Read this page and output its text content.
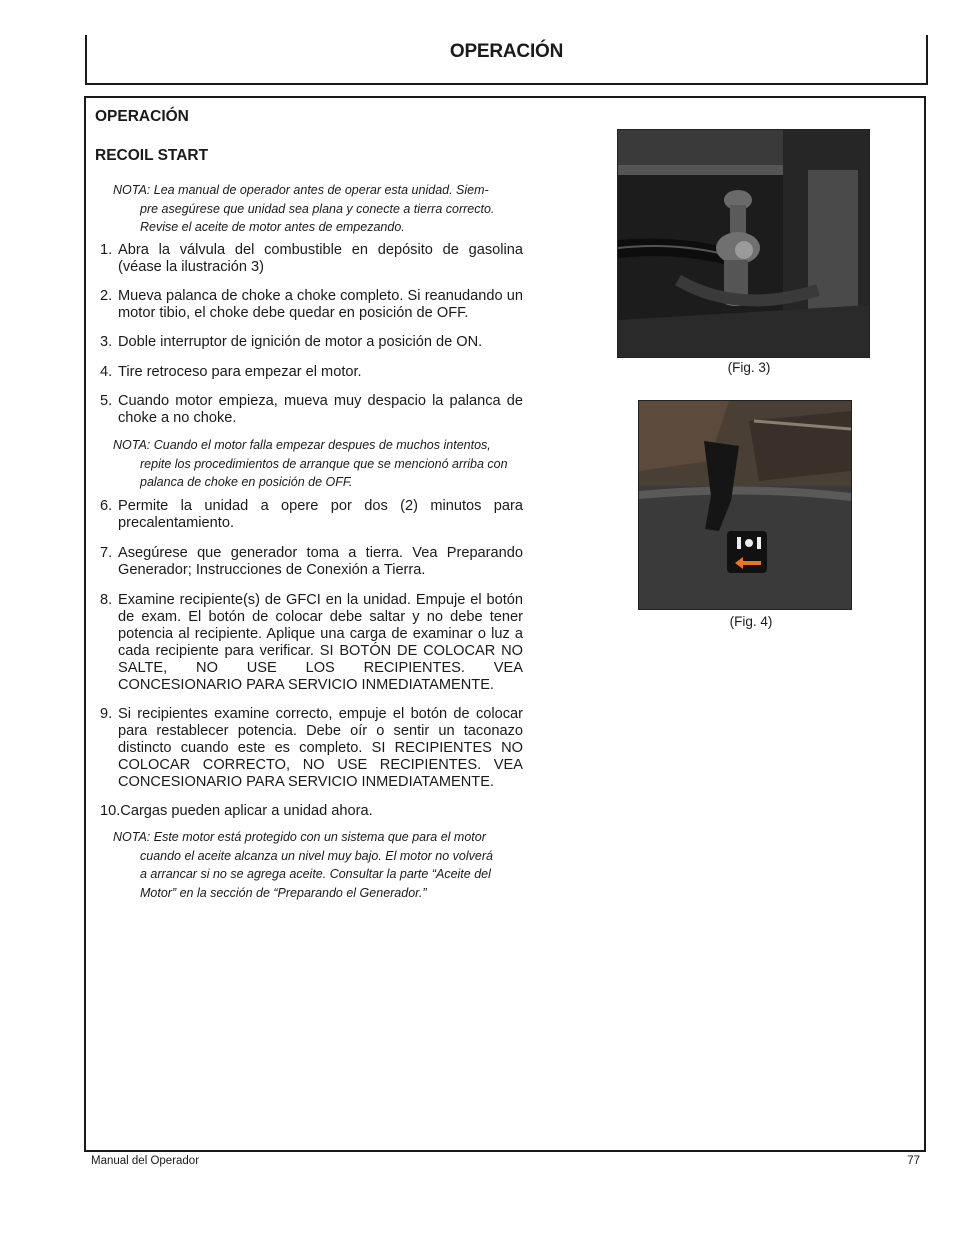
OPERACIÓN
OPERACIÓN
RECOIL START
NOTA: Lea manual de operador antes de operar esta unidad. Siem-
pre asegúrese que unidad sea plana y conecte a tierra correcto.
Revise el aceite de motor antes de empezando.
1. Abra la válvula del combustible en depósito de gasolina (véase la ilustración 3)
2. Mueva palanca de choke a choke completo. Si reanudando un motor tibio, el choke debe quedar en posición de OFF.
3. Doble interruptor de ignición de motor a posición de ON.
4. Tire retroceso para empezar el motor.
5. Cuando motor empieza, mueva muy despacio la palanca de choke a no choke.
NOTA: Cuando el motor falla empezar despues de muchos intentos,
repite los procedimientos de arranque que se mencionó arriba con
palanca de choke en posición de OFF.
6. Permite la unidad a opere por dos (2) minutos para precalentamiento.
7. Asegúrese que generador toma a tierra. Vea Preparando Generador; Instrucciones de Conexión a Tierra.
8. Examine recipiente(s) de GFCI en la unidad. Empuje el botón de exam. El botón de colocar debe saltar y no debe tener potencia al recipiente. Aplique una carga de examinar o luz a cada recipiente para verificar. SI BOTÓN DE COLOCAR NO SALTE, NO USE LOS RECIPIENTES. VEA CONCESIONARIO PARA SERVICIO INMEDIATAMENTE.
9. Si recipientes examine correcto, empuje el botón de colocar para restablecer potencia. Debe oír o sentir un taconazo distincto cuando este es completo. SI RECIPIENTES NO COLOCAR CORRECTO, NO USE RECIPIENTES. VEA CONCESIONARIO PARA SERVICIO INMEDIATAMENTE.
10. Cargas pueden aplicar a unidad ahora.
NOTA: Este motor está protegido con un sistema que para el motor
cuando el aceite alcanza un nivel muy bajo. El motor no volverá
a arrancar si no se agrega aceite. Consultar la parte “Aceite del
Motor” en la sección de “Preparando el Generador.”
(Fig. 3)
(Fig. 4)
Manual del Operador	77
